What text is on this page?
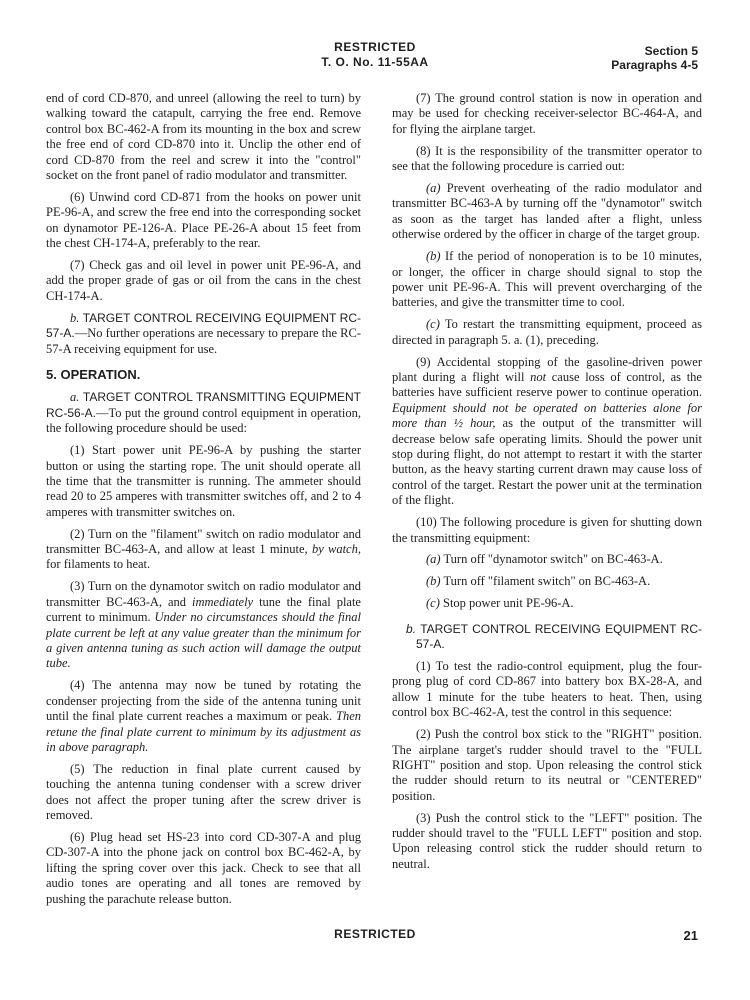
RESTRICTED
T. O. No. 11-55AA
Section 5
Paragraphs 4-5

end of cord CD-870, and unreel (allowing the reel to turn) by walking toward the catapult, carrying the free end. Remove control box BC-462-A from its mounting in the box and screw the free end of cord CD-870 into it. Unclip the other end of cord CD-870 from the reel and screw it into the "control" socket on the front panel of radio modulator and transmitter.

(6) Unwind cord CD-871 from the hooks on power unit PE-96-A, and screw the free end into the corresponding socket on dynamotor PE-126-A. Place PE-26-A about 15 feet from the chest CH-174-A, preferably to the rear.

(7) Check gas and oil level in power unit PE-96-A, and add the proper grade of gas or oil from the cans in the chest CH-174-A.

b. TARGET CONTROL RECEIVING EQUIPMENT RC-57-A.—No further operations are necessary to prepare the RC-57-A receiving equipment for use.

5. OPERATION.

a. TARGET CONTROL TRANSMITTING EQUIPMENT RC-56-A.—To put the ground control equipment in operation, the following procedure should be used:

(1) Start power unit PE-96-A by pushing the starter button or using the starting rope. The unit should operate all the time that the transmitter is running. The ammeter should read 20 to 25 amperes with transmitter switches off, and 2 to 4 amperes with transmitter switches on.

(2) Turn on the "filament" switch on radio modulator and transmitter BC-463-A, and allow at least 1 minute, by watch, for filaments to heat.

(3) Turn on the dynamotor switch on radio modulator and transmitter BC-463-A, and immediately tune the final plate current to minimum. Under no circumstances should the final plate current be left at any value greater than the minimum for a given antenna tuning as such action will damage the output tube.

(4) The antenna may now be tuned by rotating the condenser projecting from the side of the antenna tuning unit until the final plate current reaches a maximum or peak. Then retune the final plate current to minimum by its adjustment as in above paragraph.

(5) The reduction in final plate current caused by touching the antenna tuning condenser with a screw driver does not affect the proper tuning after the screw driver is removed.

(6) Plug head set HS-23 into cord CD-307-A and plug CD-307-A into the phone jack on control box BC-462-A, by lifting the spring cover over this jack. Check to see that all audio tones are operating and all tones are removed by pushing the parachute release button.

(7) The ground control station is now in operation and may be used for checking receiver-selector BC-464-A, and for flying the airplane target.

(8) It is the responsibility of the transmitter operator to see that the following procedure is carried out:

(a) Prevent overheating of the radio modulator and transmitter BC-463-A by turning off the "dynamotor" switch as soon as the target has landed after a flight, unless otherwise ordered by the officer in charge of the target group.

(b) If the period of nonoperation is to be 10 minutes, or longer, the officer in charge should signal to stop the power unit PE-96-A. This will prevent overcharging of the batteries, and give the transmitter time to cool.

(c) To restart the transmitting equipment, proceed as directed in paragraph 5. a. (1), preceding.

(9) Accidental stopping of the gasoline-driven power plant during a flight will not cause loss of control, as the batteries have sufficient reserve power to continue operation. Equipment should not be operated on batteries alone for more than ½ hour, as the output of the transmitter will decrease below safe operating limits. Should the power unit stop during flight, do not attempt to restart it with the starter button, as the heavy starting current drawn may cause loss of control of the target. Restart the power unit at the termination of the flight.

(10) The following procedure is given for shutting down the transmitting equipment:

(a) Turn off "dynamotor switch" on BC-463-A.

(b) Turn off "filament switch" on BC-463-A.

(c) Stop power unit PE-96-A.

b. TARGET CONTROL RECEIVING EQUIPMENT RC-57-A.

(1) To test the radio-control equipment, plug the four-prong plug of cord CD-867 into battery box BX-28-A, and allow 1 minute for the tube heaters to heat. Then, using control box BC-462-A, test the control in this sequence:

(2) Push the control box stick to the "RIGHT" position. The airplane target's rudder should travel to the "FULL RIGHT" position and stop. Upon releasing the control stick the rudder should return to its neutral or "CENTERED" position.

(3) Push the control stick to the "LEFT" position. The rudder should travel to the "FULL LEFT" position and stop. Upon releasing control stick the rudder should return to neutral.

RESTRICTED	21
